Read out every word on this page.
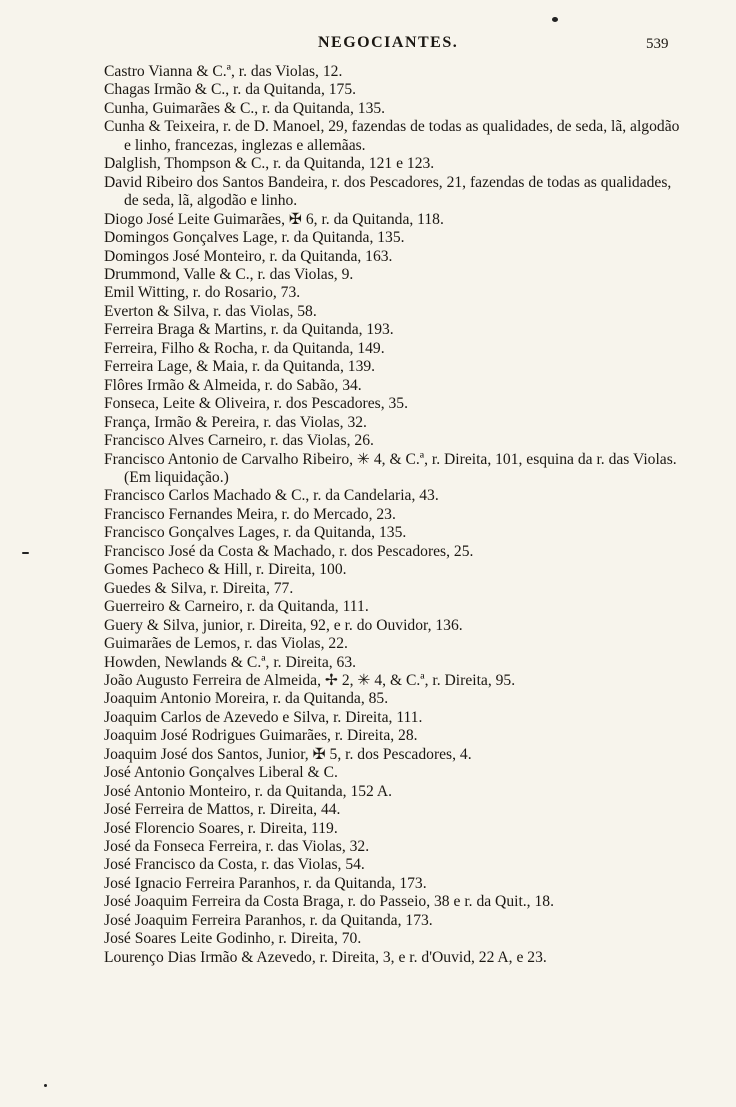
NEGOCIANTES.	539

Castro Vianna & C.ª, r. das Violas, 12.

Chagas Irmão & C., r. da Quitanda, 175.

Cunha, Guimarães & C., r. da Quitanda, 135.

Cunha & Teixeira, r. de D. Manoel, 29, fazendas de todas as qualidades, de seda, lã, algodão e linho, francezas, inglezas e allemãas.

Dalglish, Thompson & C., r. da Quitanda, 121 e 123.

David Ribeiro dos Santos Bandeira, r. dos Pescadores, 21, fazendas de todas as qualidades, de seda, lã, algodão e linho.

Diogo José Leite Guimarães, ✠ 6, r. da Quitanda, 118.

Domingos Gonçalves Lage, r. da Quitanda, 135.

Domingos José Monteiro, r. da Quitanda, 163.

Drummond, Valle & C., r. das Violas, 9.

Emil Witting, r. do Rosario, 73.

Everton & Silva, r. das Violas, 58.

Ferreira Braga & Martins, r. da Quitanda, 193.

Ferreira, Filho & Rocha, r. da Quitanda, 149.

Ferreira Lage, & Maia, r. da Quitanda, 139.

Flôres Irmão & Almeida, r. do Sabão, 34.

Fonseca, Leite & Oliveira, r. dos Pescadores, 35.

França, Irmão & Pereira, r. das Violas, 32.

Francisco Alves Carneiro, r. das Violas, 26.

Francisco Antonio de Carvalho Ribeiro, ✳ 4, & C.ª, r. Direita, 101, esquina da r. das Violas. (Em liquidação.)

Francisco Carlos Machado & C., r. da Candelaria, 43.

Francisco Fernandes Meira, r. do Mercado, 23.

Francisco Gonçalves Lages, r. da Quitanda, 135.

Francisco José da Costa & Machado, r. dos Pescadores, 25.

Gomes Pacheco & Hill, r. Direita, 100.

Guedes & Silva, r. Direita, 77.

Guerreiro & Carneiro, r. da Quitanda, 111.

Guery & Silva, junior, r. Direita, 92, e r. do Ouvidor, 136.

Guimarães de Lemos, r. das Violas, 22.

Howden, Newlands & C.ª, r. Direita, 63.

João Augusto Ferreira de Almeida, ✢ 2, ✳ 4, & C.ª, r. Direita, 95.

Joaquim Antonio Moreira, r. da Quitanda, 85.

Joaquim Carlos de Azevedo e Silva, r. Direita, 111.

Joaquim José Rodrigues Guimarães, r. Direita, 28.

Joaquim José dos Santos, Junior, ✠ 5, r. dos Pescadores, 4.

José Antonio Gonçalves Liberal & C.

José Antonio Monteiro, r. da Quitanda, 152 A.

José Ferreira de Mattos, r. Direita, 44.

José Florencio Soares, r. Direita, 119.

José da Fonseca Ferreira, r. das Violas, 32.

José Francisco da Costa, r. das Violas, 54.

José Ignacio Ferreira Paranhos, r. da Quitanda, 173.

José Joaquim Ferreira da Costa Braga, r. do Passeio, 38 e r. da Quit., 18.

José Joaquim Ferreira Paranhos, r. da Quitanda, 173.

José Soares Leite Godinho, r. Direita, 70.

Lourenço Dias Irmão & Azevedo, r. Direita, 3, e r. d'Ouvid, 22 A, e 23.
